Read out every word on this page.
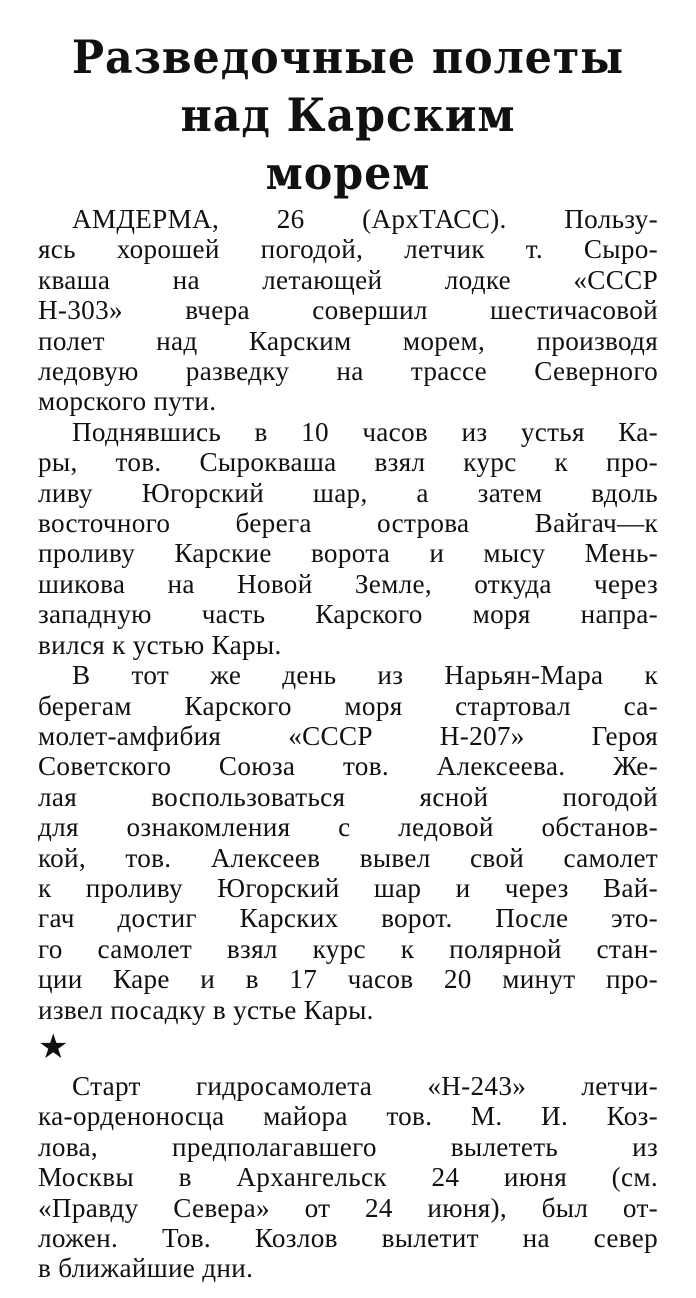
Разведочные полеты
над Карским
морем

АМДЕРМА, 26 (АрхТАСС). Пользу-
ясь хорошей погодой, летчик т. Сыро-
кваша на летающей лодке «СССР
Н-303» вчера совершил шестичасовой
полет над Карским морем, производя
ледовую разведку на трассе Северного
морского пути.

Поднявшись в 10 часов из устья Ка-
ры, тов. Сырокваша взял курс к про-
ливу Югорский шар, а затем вдоль
восточного берега острова Вайгач—к
проливу Карские ворота и мысу Мень-
шикова на Новой Земле, откуда через
западную часть Карского моря напра-
вился к устью Кары.

В тот же день из Нарьян-Мара к
берегам Карского моря стартовал са-
молет-амфибия «СССР Н-207» Героя
Советского Союза тов. Алексеева. Же-
лая воспользоваться ясной погодой
для ознакомления с ледовой обстанов-
кой, тов. Алексеев вывел свой самолет
к проливу Югорский шар и через Вай-
гач достиг Карских ворот. После это-
го самолет взял курс к полярной стан-
ции Каре и в 17 часов 20 минут про-
извел посадку в устье Кары.

★

Старт гидросамолета «Н-243» летчи-
ка-орденоносца майора тов. М. И. Коз-
лова, предполагавшего вылететь из
Москвы в Архангельск 24 июня (см.
«Правду Севера» от 24 июня), был от-
ложен. Тов. Козлов вылетит на север
в ближайшие дни.
